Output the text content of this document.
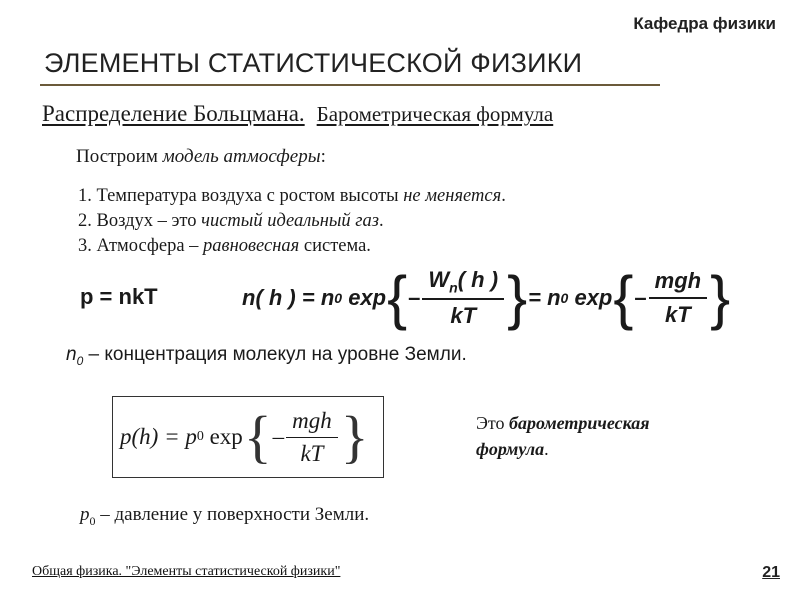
Кафедра физики
ЭЛЕМЕНТЫ СТАТИСТИЧЕСКОЙ ФИЗИКИ
Распределение Больцмана. Барометрическая формула
Построим модель атмосферы:
1. Температура воздуха с ростом высоты не меняется.
2. Воздух – это чистый идеальный газ.
3. Атмосфера – равновесная система.
p = nkT	n( h ) = n 0
exp { – $\frac{W_n( h )}{kT}$ } = n 0
exp { – $\frac{\text{mgh}}{kT}$ }
$n_0$ – концентрация молекул на уровне Земли.
p(h) = p 0
exp { – $\frac{\text{mgh}}{kT}$ }	Это барометрическая
формула.
$p_0$ – давление у поверхности Земли.
Общая физика. "Элементы статистической физики"	21
